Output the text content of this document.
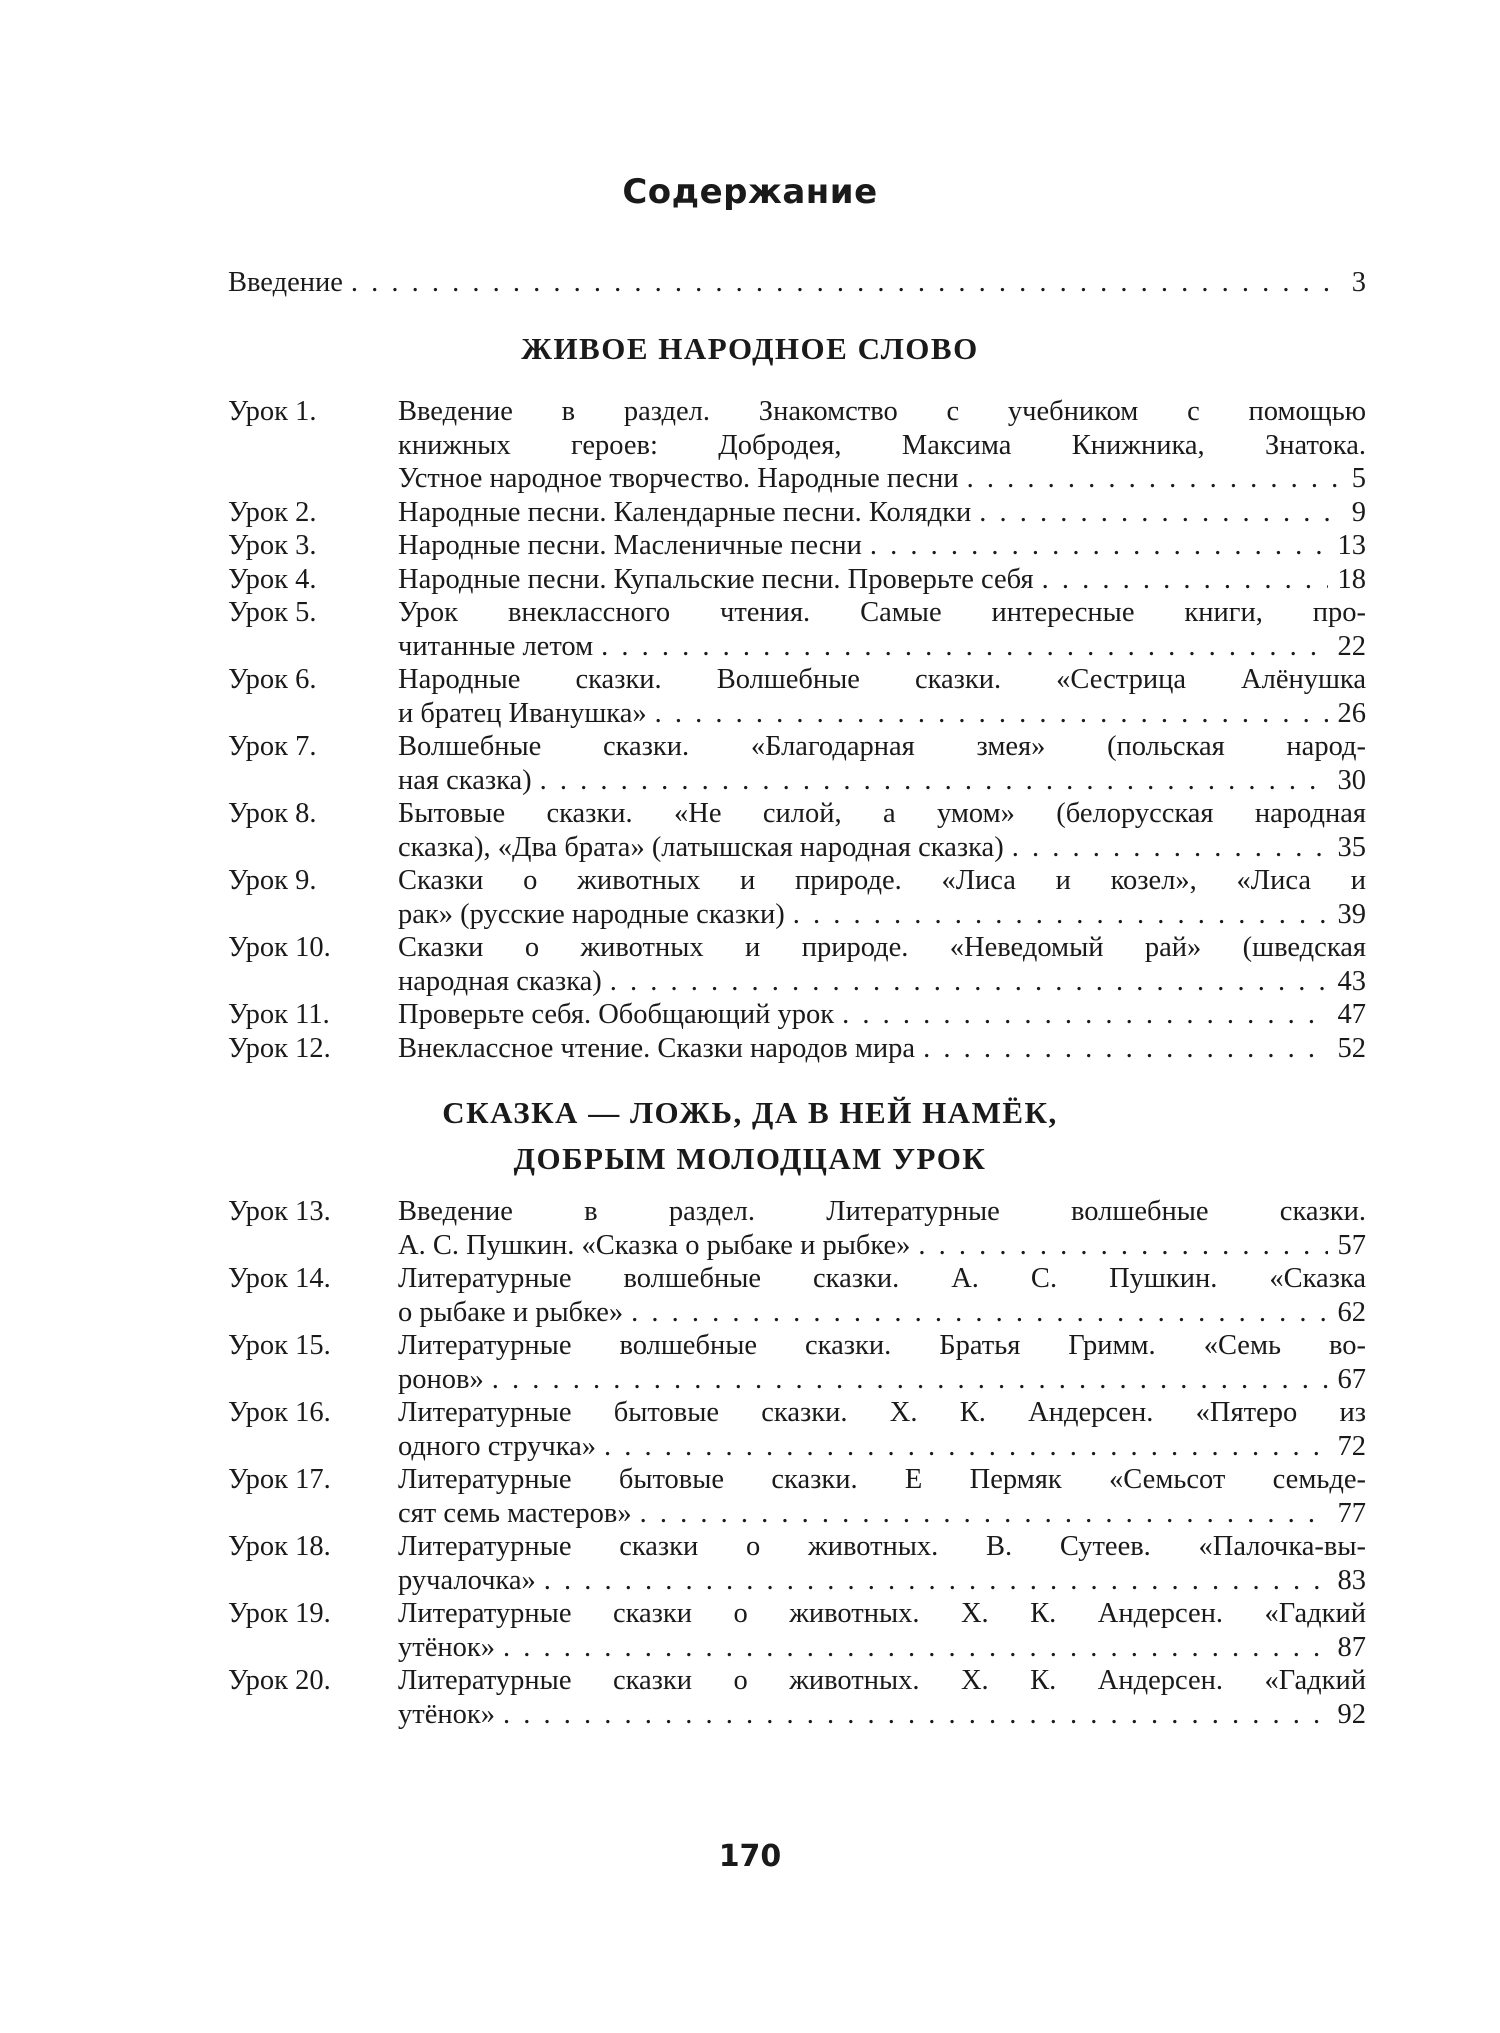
Содержание
Введение . . .	3
ЖИВОЕ НАРОДНОЕ СЛОВО
Урок 1.	Введение в раздел. Знакомство с учебником с помощью
книжных героев: Добродея, Максима Книжника, Знатока.
Устное народное творчество. Народные песни . . .	5
Урок 2.	Народные песни. Календарные песни. Колядки . . .	9
Урок 3.	Народные песни. Масленичные песни . . .	13
Урок 4.	Народные песни. Купальские песни. Проверьте себя . . .	18
Урок 5.	Урок внеклассного чтения. Самые интересные книги, про-
читанные летом . . .	22
Урок 6.	Народные сказки. Волшебные сказки. «Сестрица Алёнушка
и братец Иванушка» . . .	26
Урок 7.	Волшебные сказки. «Благодарная змея» (польская народ-
ная сказка) . . .	30
Урок 8.	Бытовые сказки. «Не силой, а умом» (белорусская народная
сказка), «Два брата» (латышская народная сказка) . . .	35
Урок 9.	Сказки о животных и природе. «Лиса и козел», «Лиса и
рак» (русские народные сказки) . . .	39
Урок 10. Сказки о животных и природе. «Неведомый рай» (шведская
народная сказка) . . .	43
Урок 11. Проверьте себя. Обобщающий урок . . .	47
Урок 12. Внеклассное чтение. Сказки народов мира . . .	52
СКАЗКА — ЛОЖЬ, ДА В НЕЙ НАМЁК,
ДОБРЫМ МОЛОДЦАМ УРОК
Урок 13. Введение в раздел. Литературные волшебные сказки.
А. С. Пушкин. «Сказка о рыбаке и рыбке» . . .	57
Урок 14. Литературные волшебные сказки. А. С. Пушкин. «Сказка
о рыбаке и рыбке» . . .	62
Урок 15. Литературные волшебные сказки. Братья Гримм. «Семь во-
ронов» . . .	67
Урок 16. Литературные бытовые сказки. Х. К. Андерсен. «Пятеро из
одного стручка» . . .	72
Урок 17. Литературные бытовые сказки. Е Пермяк «Семьсот семьде-
сят семь мастеров» . . .	77
Урок 18. Литературные сказки о животных. В. Сутеев. «Палочка-вы-
ручалочка» . . .	83
Урок 19. Литературные сказки о животных. Х. К. Андерсен. «Гадкий
утёнок» . . .	87
Урок 20. Литературные сказки о животных. Х. К. Андерсен. «Гадкий
утёнок» . . .	92
170
